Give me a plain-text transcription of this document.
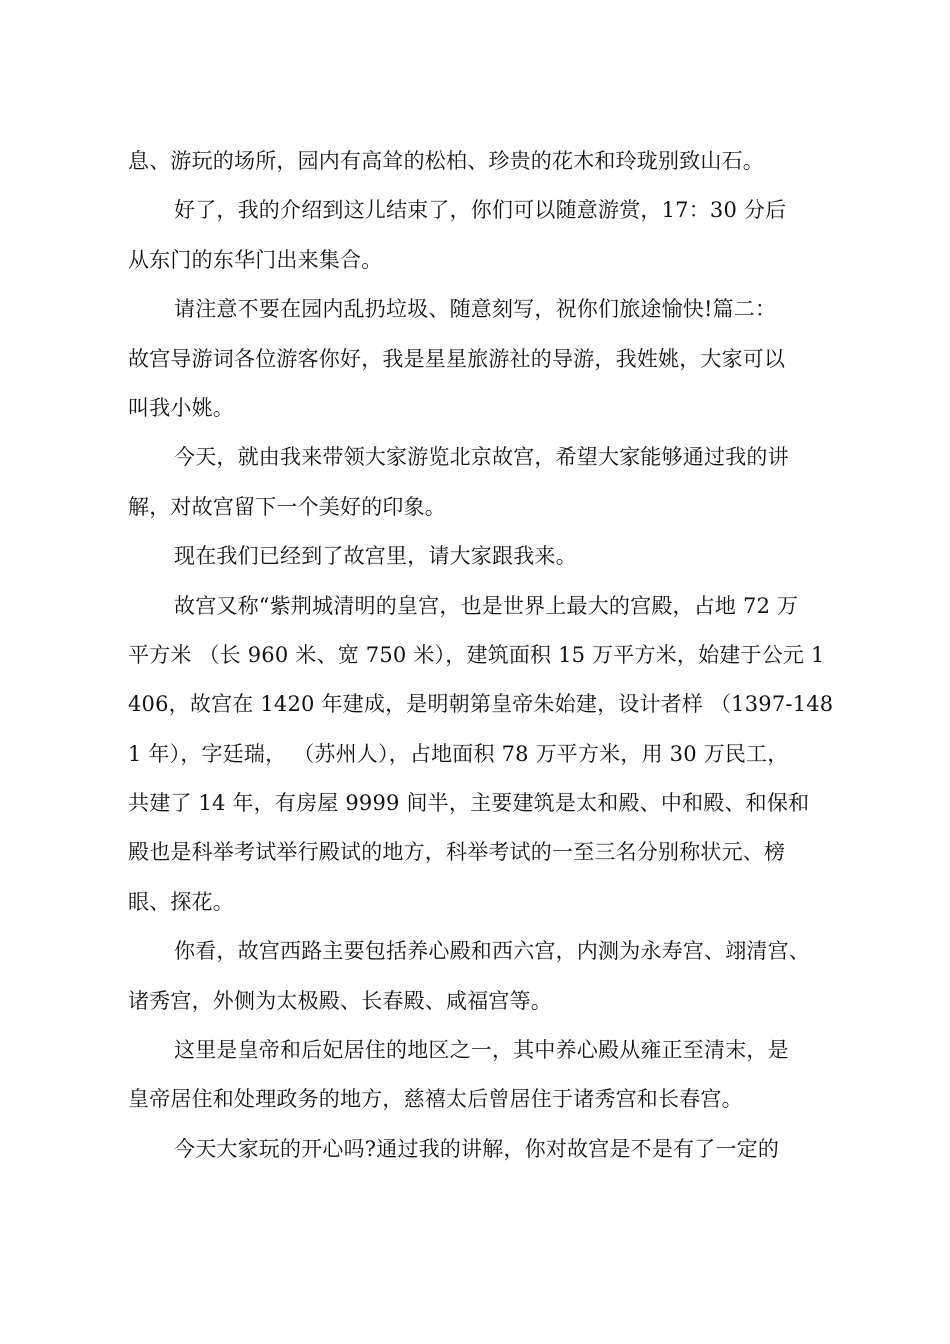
息、游玩的场所，园内有高耸的松柏、珍贵的花木和玲珑别致山石。
好了，我的介绍到这儿结束了，你们可以随意游赏，17：30 分后
从东门的东华门出来集合。
请注意不要在园内乱扔垃圾、随意刻写，祝你们旅途愉快!篇二：
故宫导游词各位游客你好，我是星星旅游社的导游，我姓姚，大家可以
叫我小姚。
今天，就由我来带领大家游览北京故宫，希望大家能够通过我的讲
解，对故宫留下一个美好的印象。
现在我们已经到了故宫里，请大家跟我来。
故宫又称“紫荆城清明的皇宫，也是世界上最大的宫殿，占地 72 万
平方米 （长 960 米、宽 750 米），建筑面积 15 万平方米，始建于公元 1
406，故宫在 1420 年建成，是明朝第皇帝朱始建，设计者样 （1397-148
1 年），字廷瑞， （苏州人），占地面积 78 万平方米，用 30 万民工，
共建了 14 年，有房屋 9999 间半，主要建筑是太和殿、中和殿、和保和
殿也是科举考试举行殿试的地方，科举考试的一至三名分别称状元、榜
眼、探花。
你看，故宫西路主要包括养心殿和西六宫，内测为永寿宫、翊清宫、
诸秀宫，外侧为太极殿、长春殿、咸福宫等。
这里是皇帝和后妃居住的地区之一，其中养心殿从雍正至清末，是
皇帝居住和处理政务的地方，慈禧太后曾居住于诸秀宫和长春宫。
今天大家玩的开心吗?通过我的讲解，你对故宫是不是有了一定的
